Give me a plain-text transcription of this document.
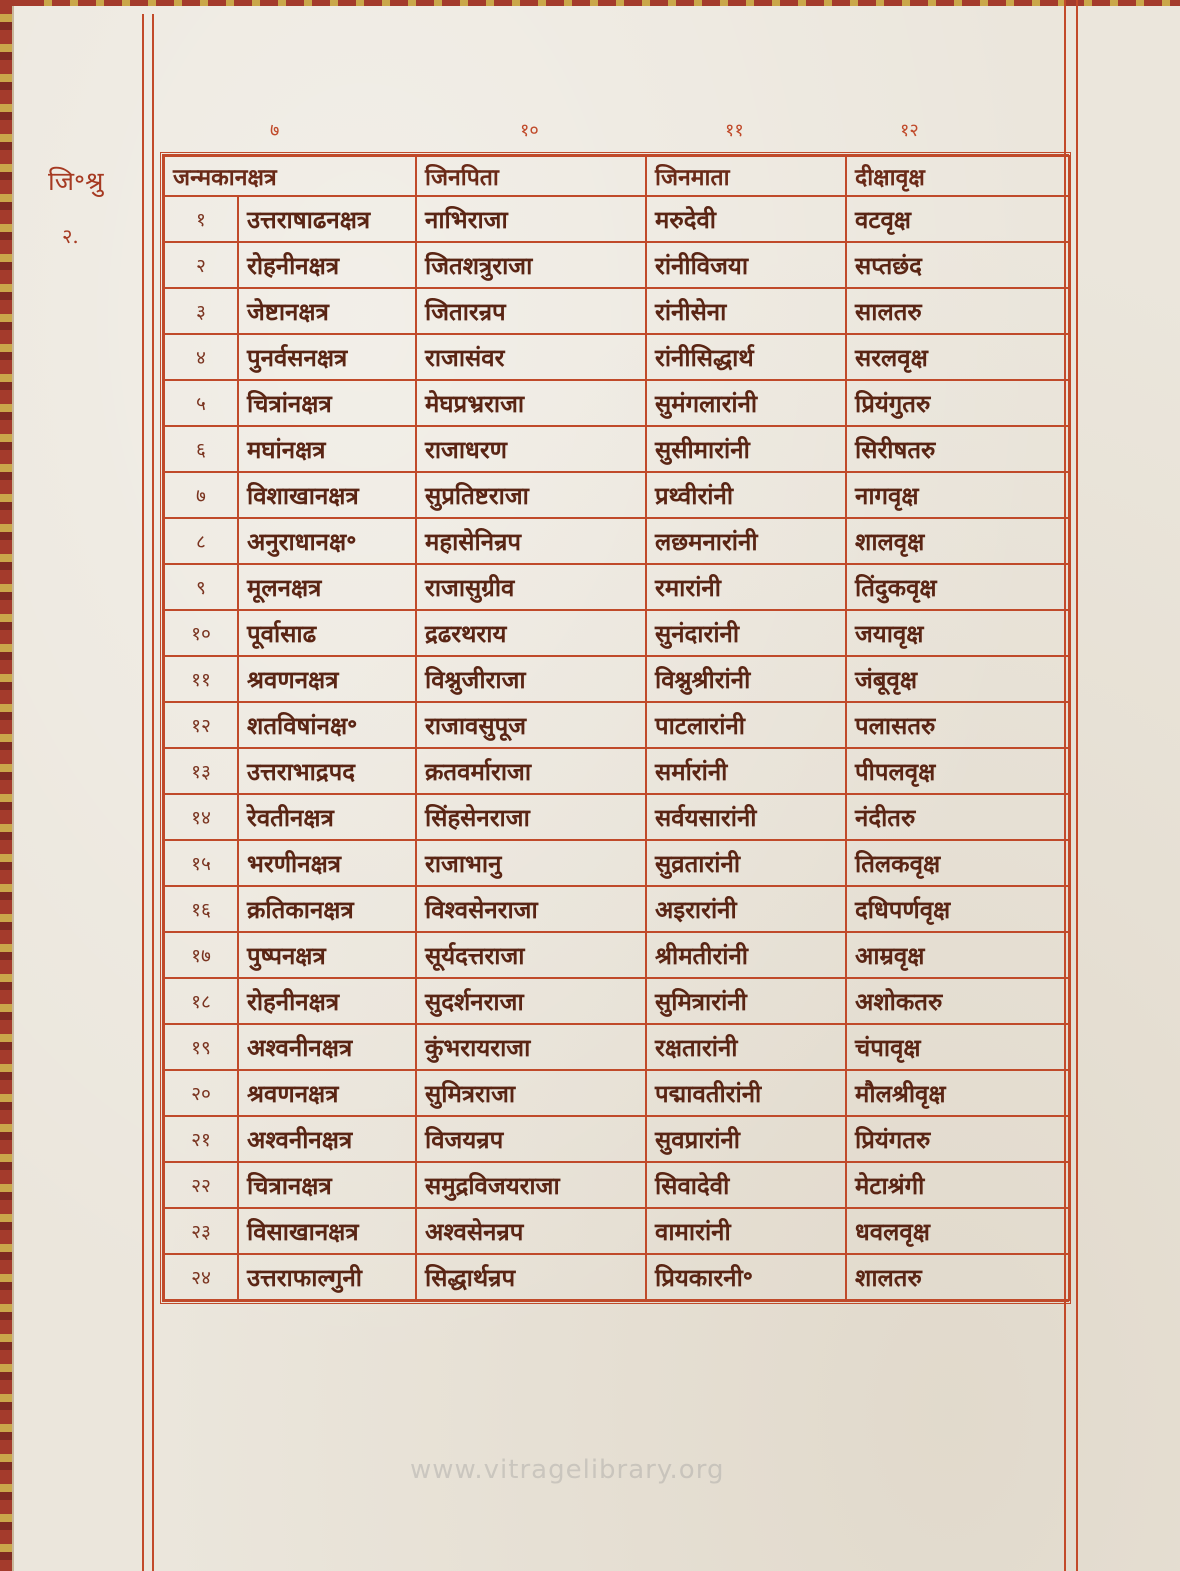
जि॰श्रु
२.
७	१०	११	१२
जन्मकानक्षत्र		जिनपिता	जिनमाता	दीक्षावृक्ष
१	उत्तराषाढनक्षत्र	नाभिराजा	मरुदेवी	वटवृक्ष
२	रोहनीनक्षत्र	जितशत्रुराजा	रांनीविजया	सप्तछंद
३	जेष्टानक्षत्र	जितारन्रप	रांनीसेना	सालतरु
४	पुनर्वसनक्षत्र	राजासंवर	रांनीसिद्धार्थ	सरलवृक्ष
५	चित्रांनक्षत्र	मेघप्रभ्रराजा	सुमंगलारांनी	प्रियंगुतरु
६	मघांनक्षत्र	राजाधरण	सुसीमारांनी	सिरीषतरु
७	विशाखानक्षत्र	सुप्रतिष्टराजा	प्रथ्वीरांनी	नागवृक्ष
८	अनुराधानक्ष॰	महासेनिन्रप	लछमनारांनी	शालवृक्ष
९	मूलनक्षत्र	राजासुग्रीव	रमारांनी	तिंदुकवृक्ष
१०	पूर्वासाढ	द्रढरथराय	सुनंदारांनी	जयावृक्ष
११	श्रवणनक्षत्र	विश्नुजीराजा	विश्नुश्रीरांनी	जंबूवृक्ष
१२	शतविषांनक्ष॰	राजावसुपूज	पाटलारांनी	पलासतरु
१३	उत्तराभाद्रपद	क्रतवर्माराजा	सर्मारांनी	पीपलवृक्ष
१४	रेवतीनक्षत्र	सिंहसेनराजा	सर्वयसारांनी	नंदीतरु
१५	भरणीनक्षत्र	राजाभानु	सुव्रतारांनी	तिलकवृक्ष
१६	क्रतिकानक्षत्र	विश्वसेनराजा	अइरारांनी	दधिपर्णवृक्ष
१७	पुष्पनक्षत्र	सूर्यदत्तराजा	श्रीमतीरांनी	आम्रवृक्ष
१८	रोहनीनक्षत्र	सुदर्शनराजा	सुमित्रारांनी	अशोकतरु
१९	अश्वनीनक्षत्र	कुंभरायराजा	रक्षतारांनी	चंपावृक्ष
२०	श्रवणनक्षत्र	सुमित्रराजा	पद्मावतीरांनी	मौलश्रीवृक्ष
२१	अश्वनीनक्षत्र	विजयन्रप	सुवप्रारांनी	प्रियंगतरु
२२	चित्रानक्षत्र	समुद्रविजयराजा	सिवादेवी	मेटाश्रंगी
२३	विसाखानक्षत्र	अश्वसेनन्रप	वामारांनी	धवलवृक्ष
२४	उत्तराफाल्गुनी	सिद्धार्थन्रप	प्रियकारनी॰	शालतरु
www.vitragelibrary.org
